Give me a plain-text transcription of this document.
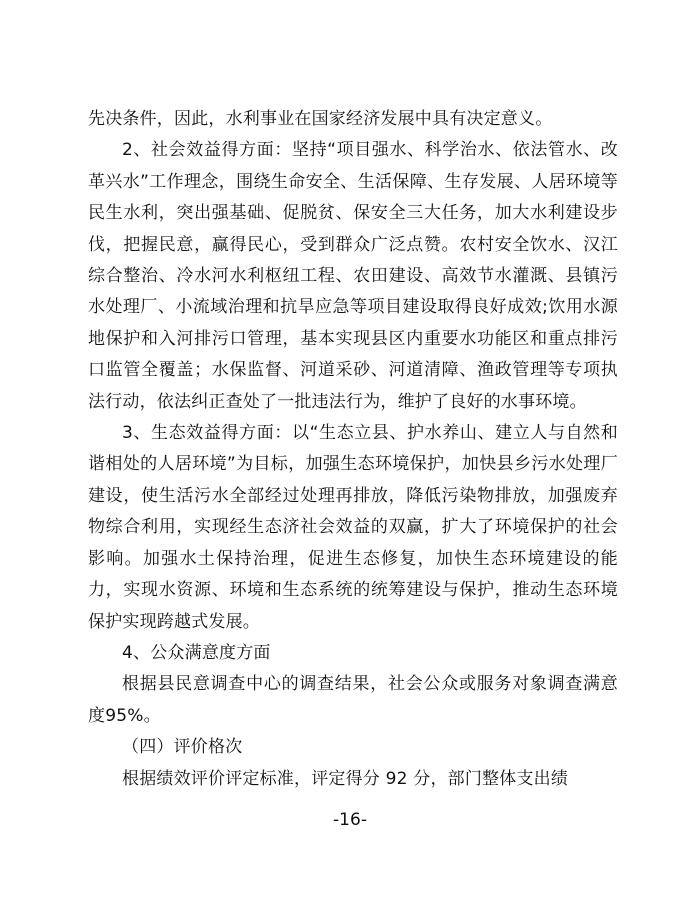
先决条件，因此，水利事业在国家经济发展中具有决定意义。

2、社会效益得方面：坚持“项目强水、科学治水、依法管水、改革兴水”工作理念，围绕生命安全、生活保障、生存发展、人居环境等民生水利，突出强基础、促脱贫、保安全三大任务，加大水利建设步伐，把握民意，赢得民心，受到群众广泛点赞。农村安全饮水、汉江综合整治、冷水河水利枢纽工程、农田建设、高效节水灌溉、县镇污水处理厂、小流域治理和抗旱应急等项目建设取得良好成效;饮用水源地保护和入河排污口管理，基本实现县区内重要水功能区和重点排污口监管全覆盖；水保监督、河道采砂、河道清障、渔政管理等专项执法行动，依法纠正查处了一批违法行为，维护了良好的水事环境。

3、生态效益得方面：以“生态立县、护水养山、建立人与自然和谐相处的人居环境”为目标，加强生态环境保护，加快县乡污水处理厂建设，使生活污水全部经过处理再排放，降低污染物排放，加强废弃物综合利用，实现经生态济社会效益的双赢，扩大了环境保护的社会影响。加强水土保持治理，促进生态修复，加快生态环境建设的能力，实现水资源、环境和生态系统的统筹建设与保护，推动生态环境保护实现跨越式发展。

4、公众满意度方面

根据县民意调查中心的调查结果，社会公众或服务对象调查满意度95%。

（四）评价格次

根据绩效评价评定标准，评定得分 92 分，部门整体支出绩

-16-
